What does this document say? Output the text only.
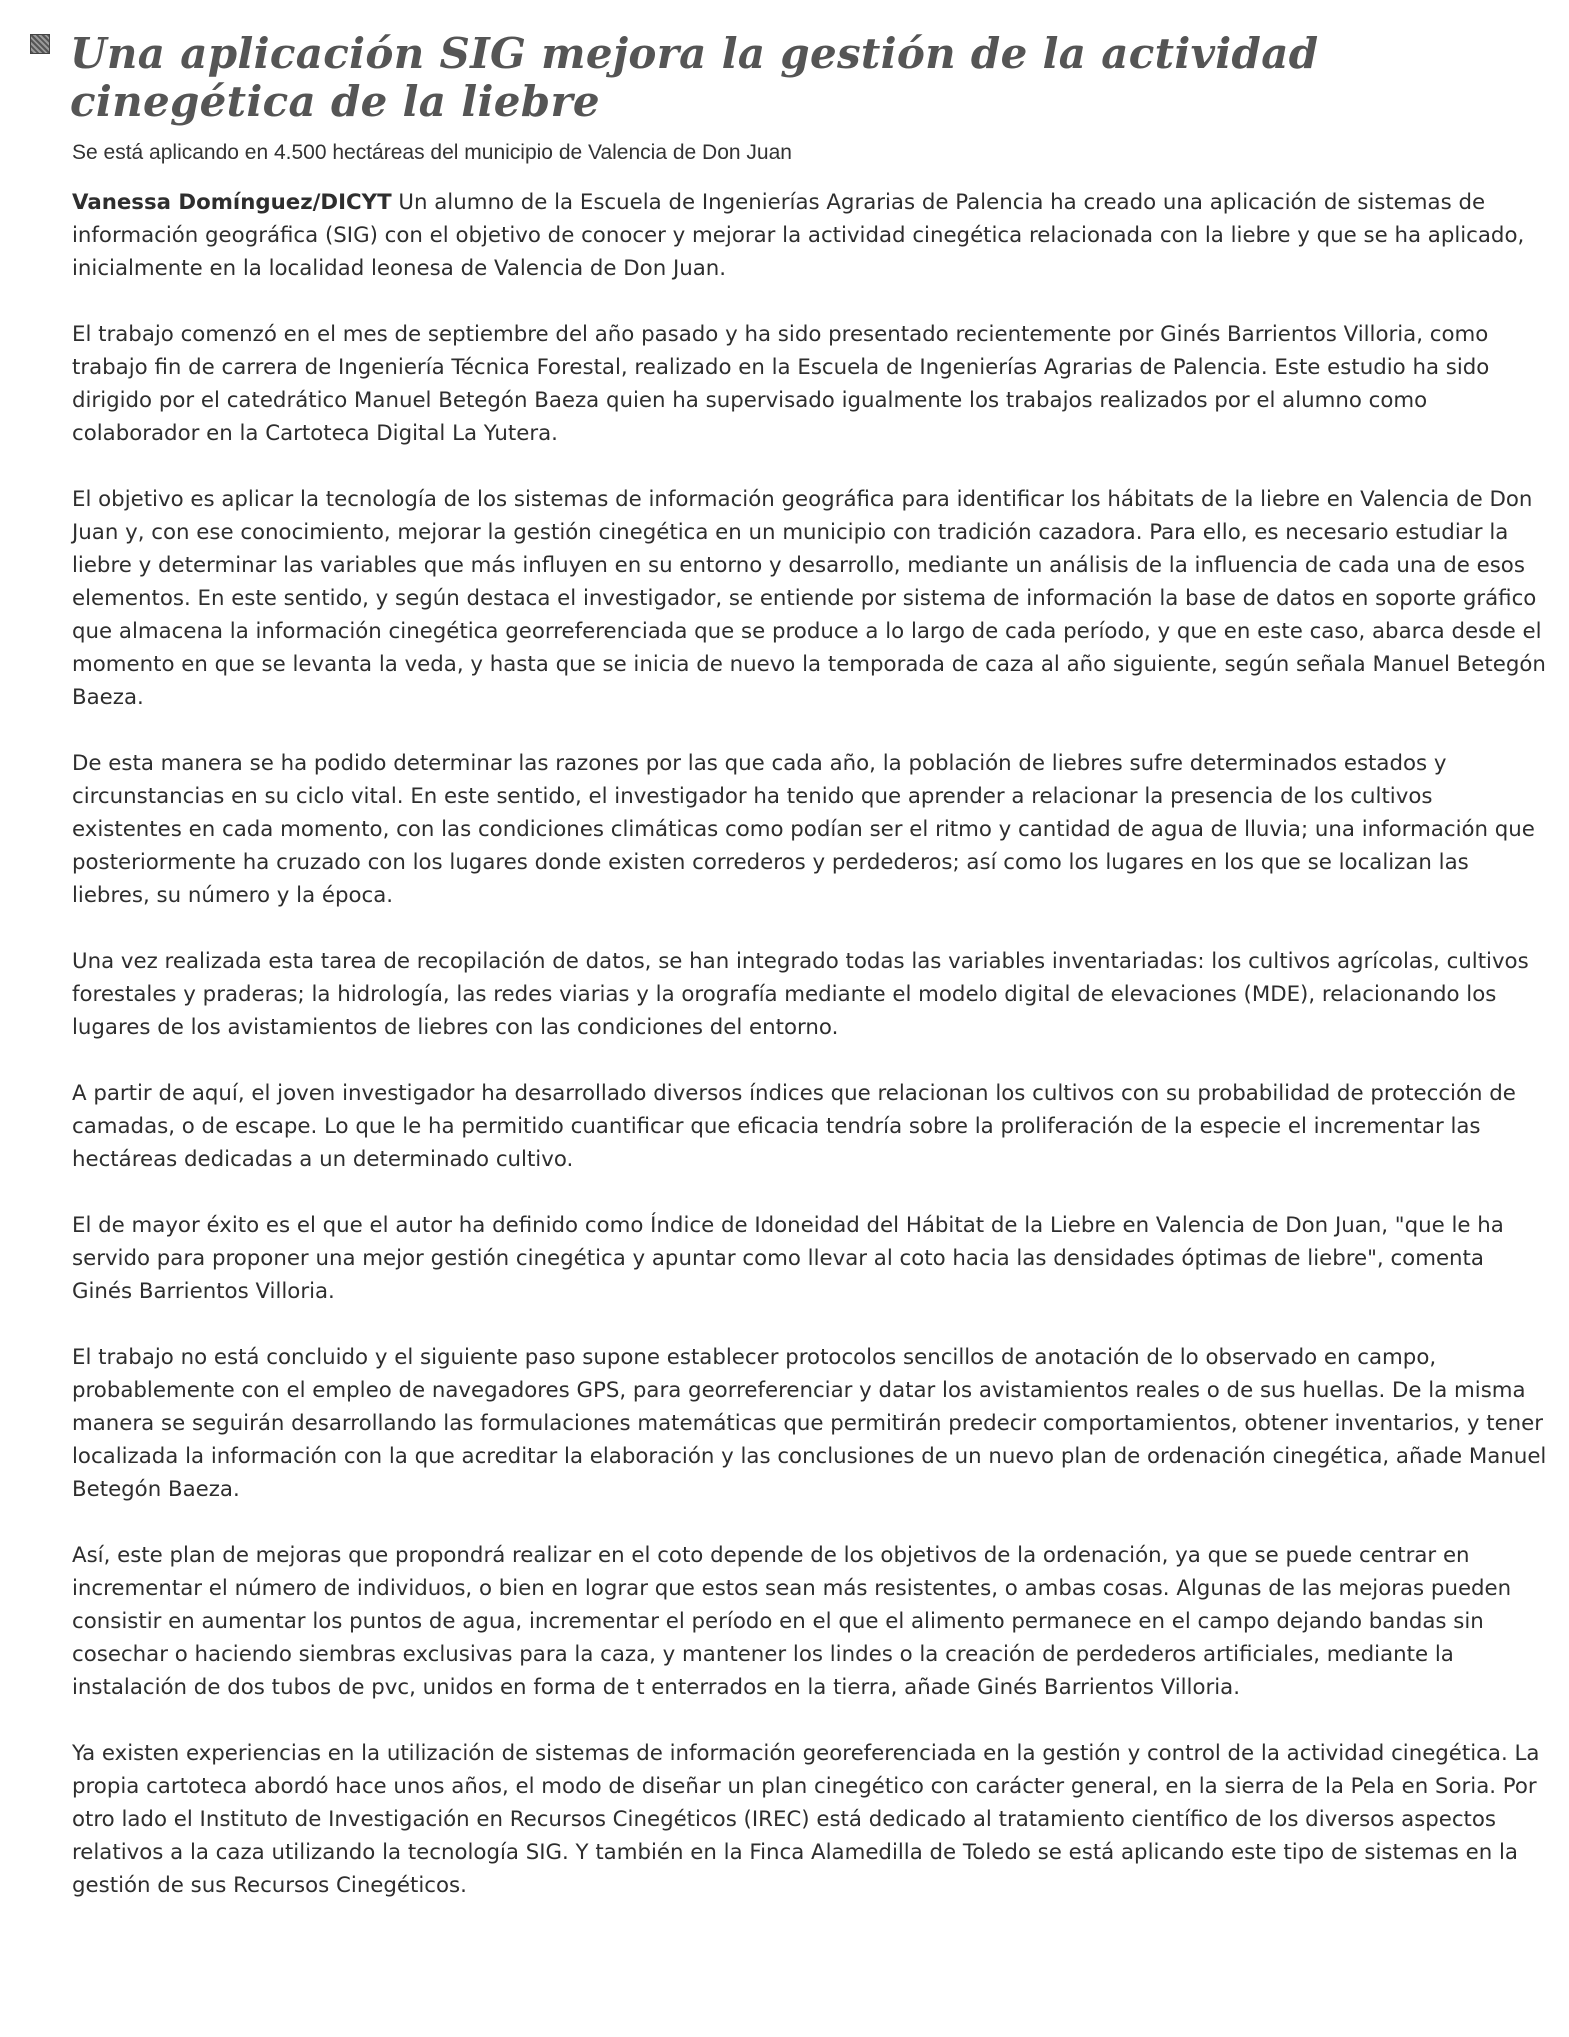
Una aplicación SIG mejora la gestión de la actividad cinegética de la liebre

Se está aplicando en 4.500 hectáreas del municipio de Valencia de Don Juan

Vanessa Domínguez/DICYT Un alumno de la Escuela de Ingenierías Agrarias de Palencia ha creado una aplicación de sistemas de información geográfica (SIG) con el objetivo de conocer y mejorar la actividad cinegética relacionada con la liebre y que se ha aplicado, inicialmente en la localidad leonesa de Valencia de Don Juan.

El trabajo comenzó en el mes de septiembre del año pasado y ha sido presentado recientemente por Ginés Barrientos Villoria, como trabajo fin de carrera de Ingeniería Técnica Forestal, realizado en la Escuela de Ingenierías Agrarias de Palencia. Este estudio ha sido dirigido por el catedrático Manuel Betegón Baeza quien ha supervisado igualmente los trabajos realizados por el alumno como colaborador en la Cartoteca Digital La Yutera.

El objetivo es aplicar la tecnología de los sistemas de información geográfica para identificar los hábitats de la liebre en Valencia de Don Juan y, con ese conocimiento, mejorar la gestión cinegética en un municipio con tradición cazadora. Para ello, es necesario estudiar la liebre y determinar las variables que más influyen en su entorno y desarrollo, mediante un análisis de la influencia de cada una de esos elementos. En este sentido, y según destaca el investigador, se entiende por sistema de información la base de datos en soporte gráfico que almacena la información cinegética georreferenciada que se produce a lo largo de cada período, y que en este caso, abarca desde el momento en que se levanta la veda, y hasta que se inicia de nuevo la temporada de caza al año siguiente, según señala Manuel Betegón Baeza.

De esta manera se ha podido determinar las razones por las que cada año, la población de liebres sufre determinados estados y circunstancias en su ciclo vital. En este sentido, el investigador ha tenido que aprender a relacionar la presencia de los cultivos existentes en cada momento, con las condiciones climáticas como podían ser el ritmo y cantidad de agua de lluvia; una información que posteriormente ha cruzado con los lugares donde existen correderos y perdederos; así como los lugares en los que se localizan las liebres, su número y la época.

Una vez realizada esta tarea de recopilación de datos, se han integrado todas las variables inventariadas: los cultivos agrícolas, cultivos forestales y praderas; la hidrología, las redes viarias y la orografía mediante el modelo digital de elevaciones (MDE), relacionando los lugares de los avistamientos de liebres con las condiciones del entorno.

A partir de aquí, el joven investigador ha desarrollado diversos índices que relacionan los cultivos con su probabilidad de protección de camadas, o de escape. Lo que le ha permitido cuantificar que eficacia tendría sobre la proliferación de la especie el incrementar las hectáreas dedicadas a un determinado cultivo.

El de mayor éxito es el que el autor ha definido como Índice de Idoneidad del Hábitat de la Liebre en Valencia de Don Juan, "que le ha servido para proponer una mejor gestión cinegética y apuntar como llevar al coto hacia las densidades óptimas de liebre", comenta Ginés Barrientos Villoria.

El trabajo no está concluido y el siguiente paso supone establecer protocolos sencillos de anotación de lo observado en campo, probablemente con el empleo de navegadores GPS, para georreferenciar y datar los avistamientos reales o de sus huellas. De la misma manera se seguirán desarrollando las formulaciones matemáticas que permitirán predecir comportamientos, obtener inventarios, y tener localizada la información con la que acreditar la elaboración y las conclusiones de un nuevo plan de ordenación cinegética, añade Manuel Betegón Baeza.

Así, este plan de mejoras que propondrá realizar en el coto depende de los objetivos de la ordenación, ya que se puede centrar en incrementar el número de individuos, o bien en lograr que estos sean más resistentes, o ambas cosas. Algunas de las mejoras pueden consistir en aumentar los puntos de agua, incrementar el período en el que el alimento permanece en el campo dejando bandas sin cosechar o haciendo siembras exclusivas para la caza, y mantener los lindes o la creación de perdederos artificiales, mediante la instalación de dos tubos de pvc, unidos en forma de t enterrados en la tierra, añade Ginés Barrientos Villoria.

Ya existen experiencias en la utilización de sistemas de información georeferenciada en la gestión y control de la actividad cinegética. La propia cartoteca abordó hace unos años, el modo de diseñar un plan cinegético con carácter general, en la sierra de la Pela en Soria. Por otro lado el Instituto de Investigación en Recursos Cinegéticos (IREC) está dedicado al tratamiento científico de los diversos aspectos relativos a la caza utilizando la tecnología SIG. Y también en la Finca Alamedilla de Toledo se está aplicando este tipo de sistemas en la gestión de sus Recursos Cinegéticos.
